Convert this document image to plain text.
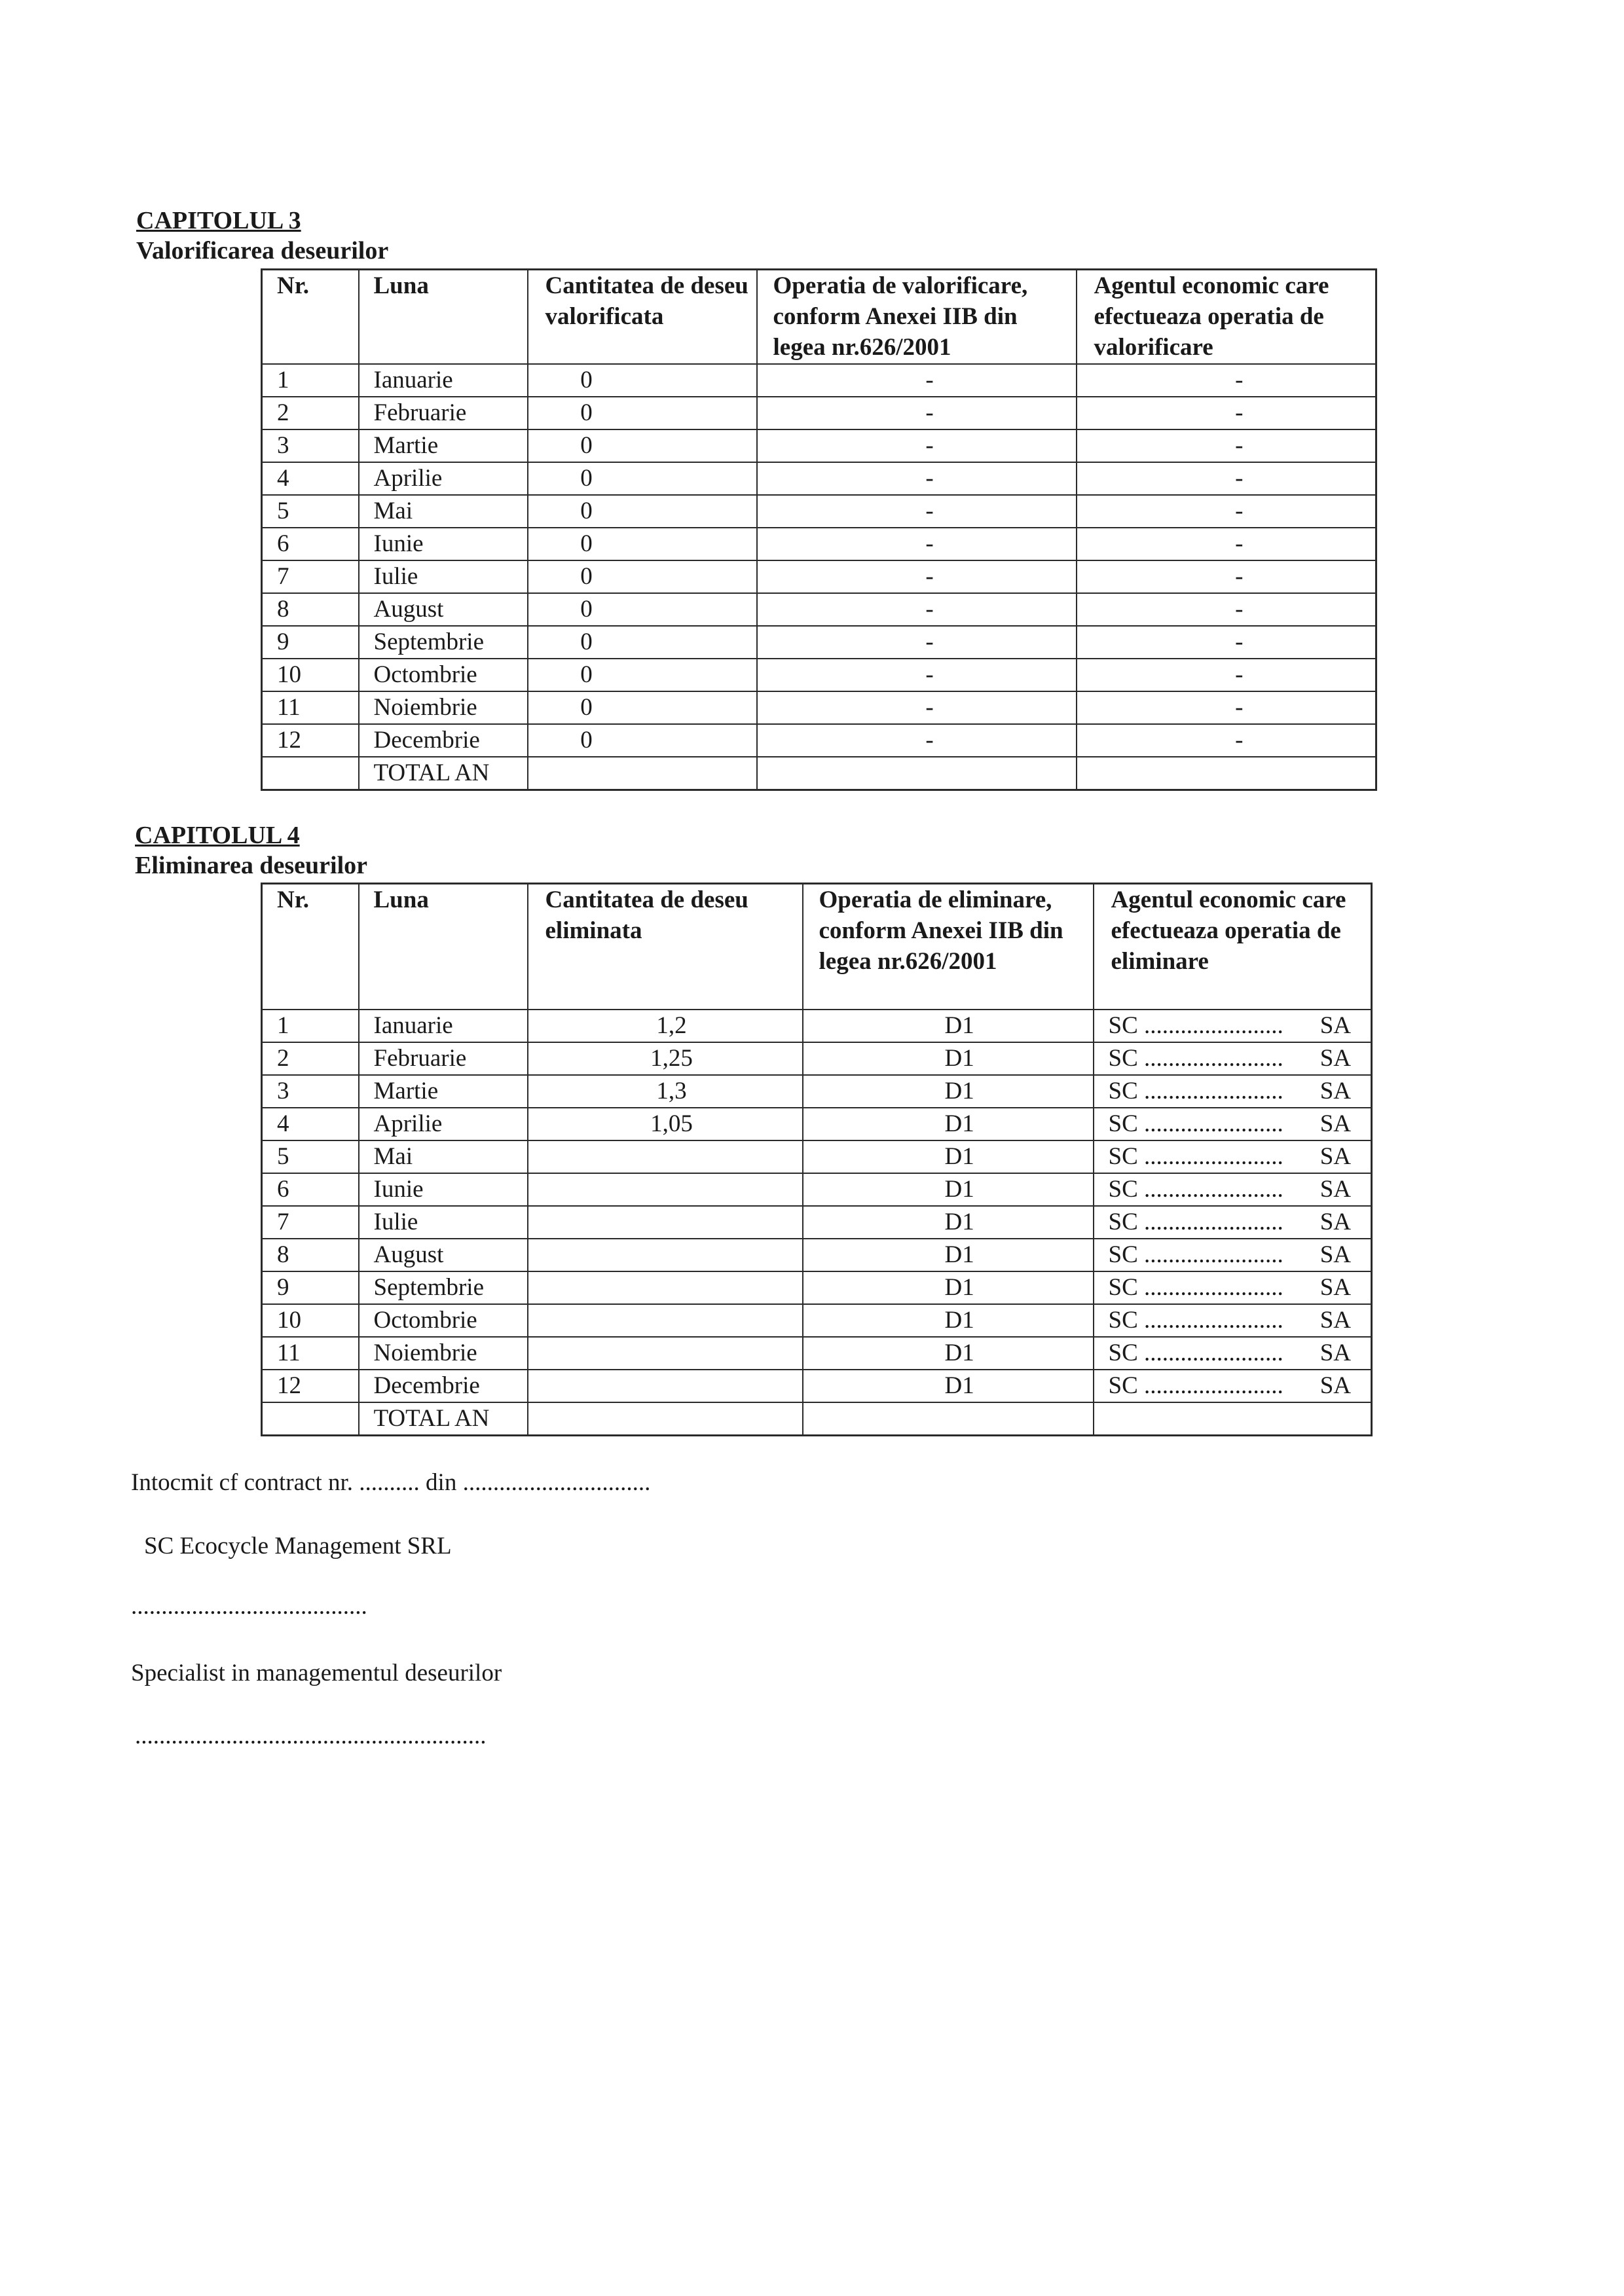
CAPITOLUL 3
Valorificarea deseurilor
Nr.	Luna	Cantitatea de deseu valorificata	Operatia de valorificare, conform Anexei IIB din legea nr.626/2001	Agentul economic care efectueaza operatia de valorificare
1	Ianuarie	0	-	-
2	Februarie	0	-	-
3	Martie	0	-	-
4	Aprilie	0	-	-
5	Mai	0	-	-
6	Iunie	0	-	-
7	Iulie	0	-	-
8	August	0	-	-
9	Septembrie	0	-	-
10	Octombrie	0	-	-
11	Noiembrie	0	-	-
12	Decembrie	0	-	-
	TOTAL AN			
CAPITOLUL 4
Eliminarea deseurilor
Nr.	Luna	Cantitatea de deseu eliminata	Operatia de eliminare, conform Anexei IIB din legea nr.626/2001	Agentul economic care efectueaza operatia de eliminare
1	Ianuarie	1,2	D1	SC ....................... SA

2	Februarie	1,25	D1	SC ....................... SA

3	Martie	1,3	D1	SC ....................... SA

4	Aprilie	1,05	D1	SC ....................... SA

5	Mai		D1	SC ....................... SA

6	Iunie		D1	SC ....................... SA

7	Iulie		D1	SC ....................... SA

8	August		D1	SC ....................... SA

9	Septembrie		D1	SC ....................... SA

10	Octombrie		D1	SC ....................... SA

11	Noiembrie		D1	SC ....................... SA

12	Decembrie		D1	SC ....................... SA

	TOTAL AN			
Intocmit cf contract nr. .......... din ...............................
SC Ecocycle Management SRL
.......................................
Specialist in managementul deseurilor
..........................................................
